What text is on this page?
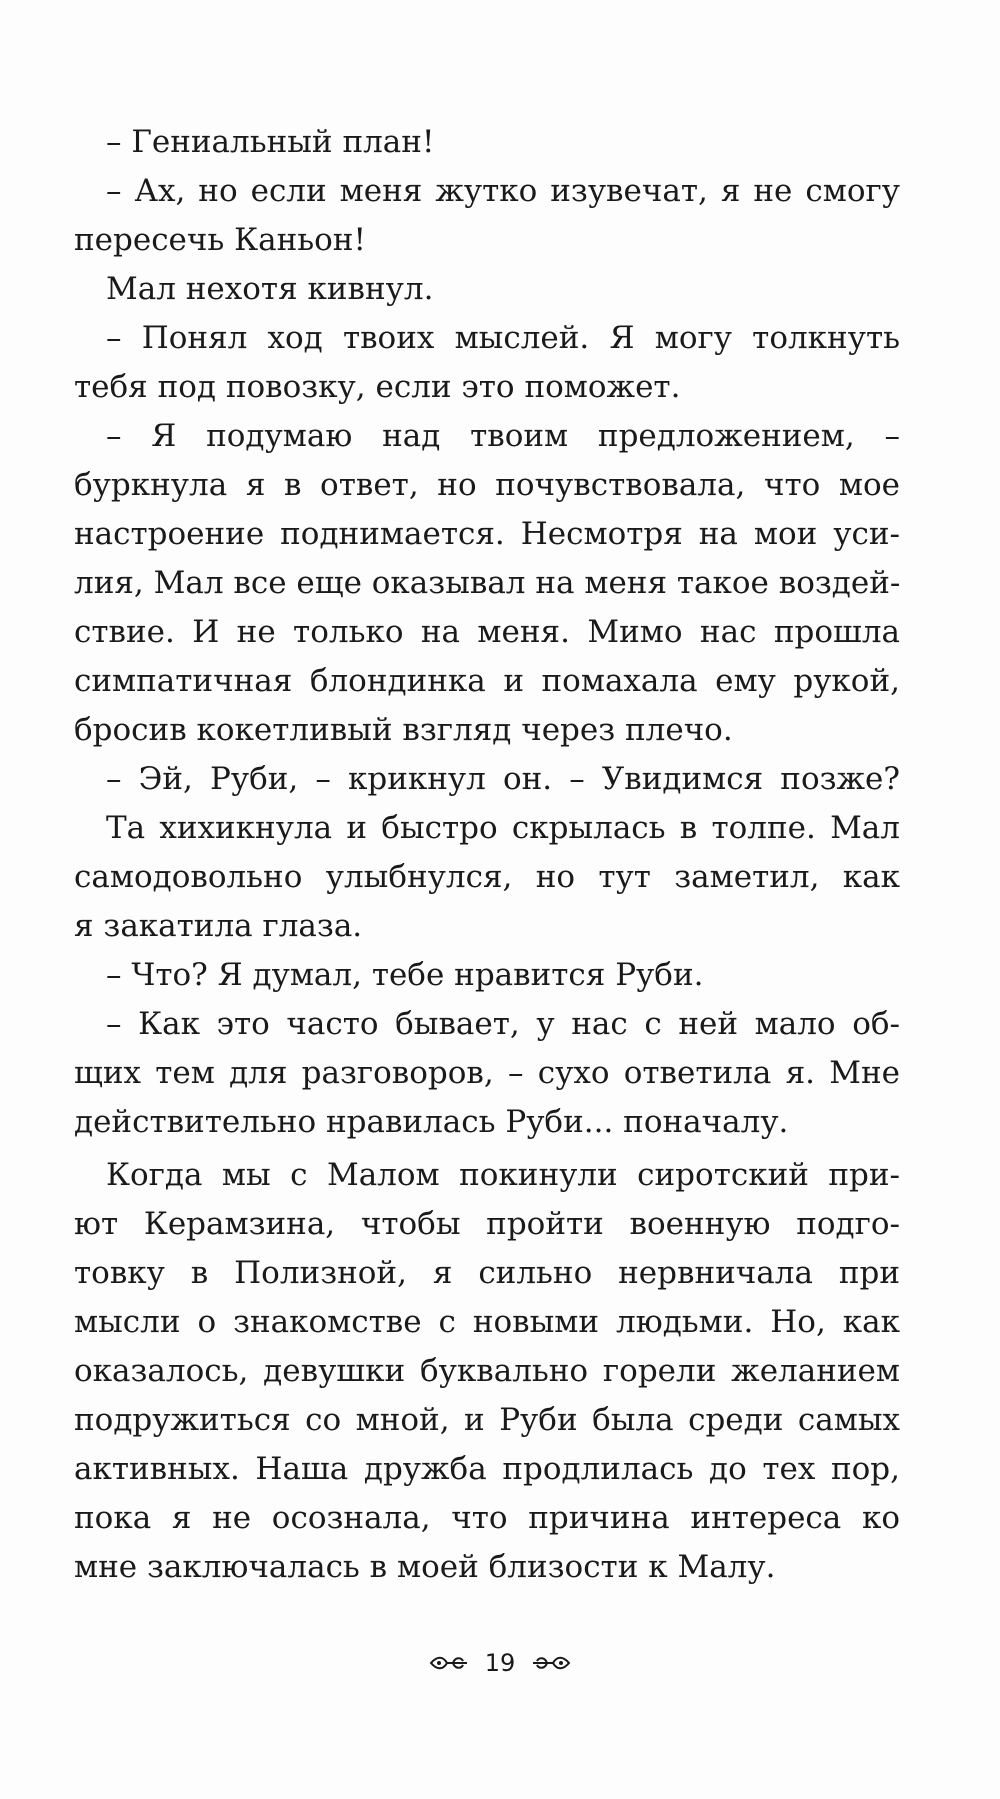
– Гениальный план!
– Ах, но если меня жутко изувечат, я не смогу
пересечь Каньон!
Мал нехотя кивнул.
– Понял ход твоих мыслей. Я могу толкнуть
тебя под повозку, если это поможет.
– Я подумаю над твоим предложением, –
буркнула я в ответ, но почувствовала, что мое
настроение поднимается. Несмотря на мои уси-
лия, Мал все еще оказывал на меня такое воздей-
ствие. И не только на меня. Мимо нас прошла
симпатичная блондинка и помахала ему рукой,
бросив кокетливый взгляд через плечо.
– Эй, Руби, – крикнул он. – Увидимся позже?
Та хихикнула и быстро скрылась в толпе. Мал
самодовольно улыбнулся, но тут заметил, как
я закатила глаза.
– Что? Я думал, тебе нравится Руби.
– Как это часто бывает, у нас с ней мало об-
щих тем для разговоров, – сухо ответила я. Мне
действительно нравилась Руби... поначалу.
Когда мы с Малом покинули сиротский при-
ют Керамзина, чтобы пройти военную подго-
товку в Полизной, я сильно нервничала при
мысли о знакомстве с новыми людьми. Но, как
оказалось, девушки буквально горели желанием
подружиться со мной, и Руби была среди самых
активных. Наша дружба продлилась до тех пор,
пока я не осознала, что причина интереса ко
мне заключалась в моей близости к Малу.
19
